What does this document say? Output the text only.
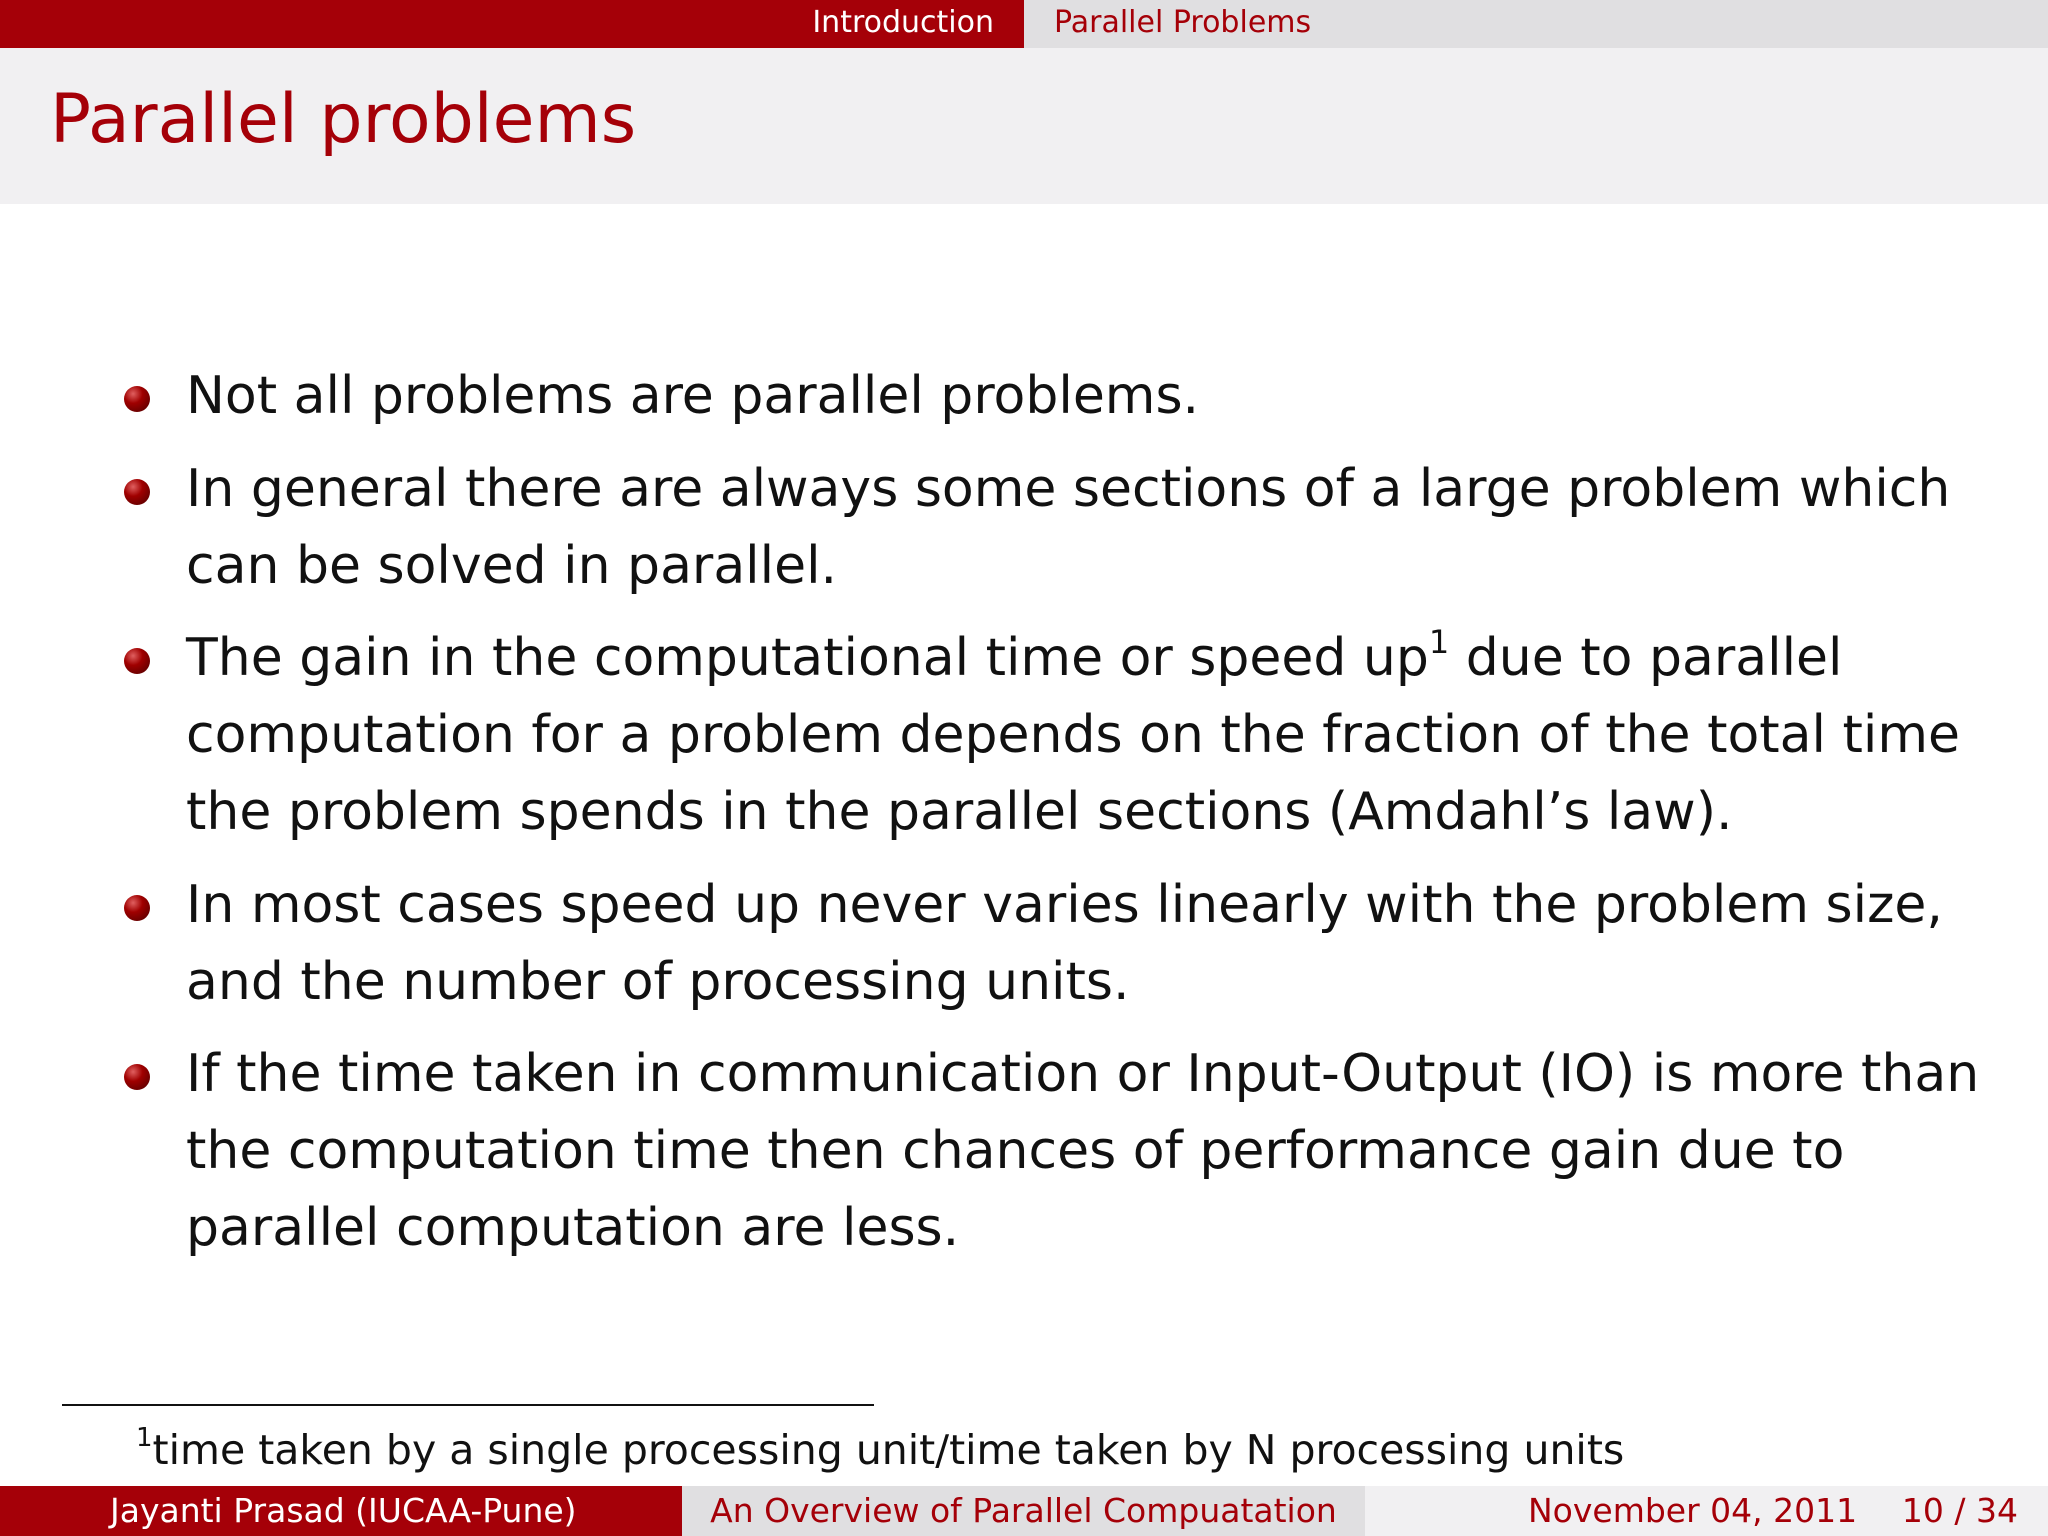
Introduction Parallel Problems
Parallel problems
Not all problems are parallel problems.
In general there are always some sections of a large problem which can be solved in parallel.
The gain in the computational time or speed up$^1$ due to parallel computation for a problem depends on the fraction of the total time the problem spends in the parallel sections (Amdahl’s law).
In most cases speed up never varies linearly with the problem size, and the number of processing units.
If the time taken in communication or Input-Output (IO) is more than the computation time then chances of performance gain due to parallel computation are less.
$^1$time taken by a single processing unit/time taken by N processing units
Jayanti Prasad (IUCAA-Pune)	An Overview of Parallel Compuatation	November 04, 2011 10 / 34
